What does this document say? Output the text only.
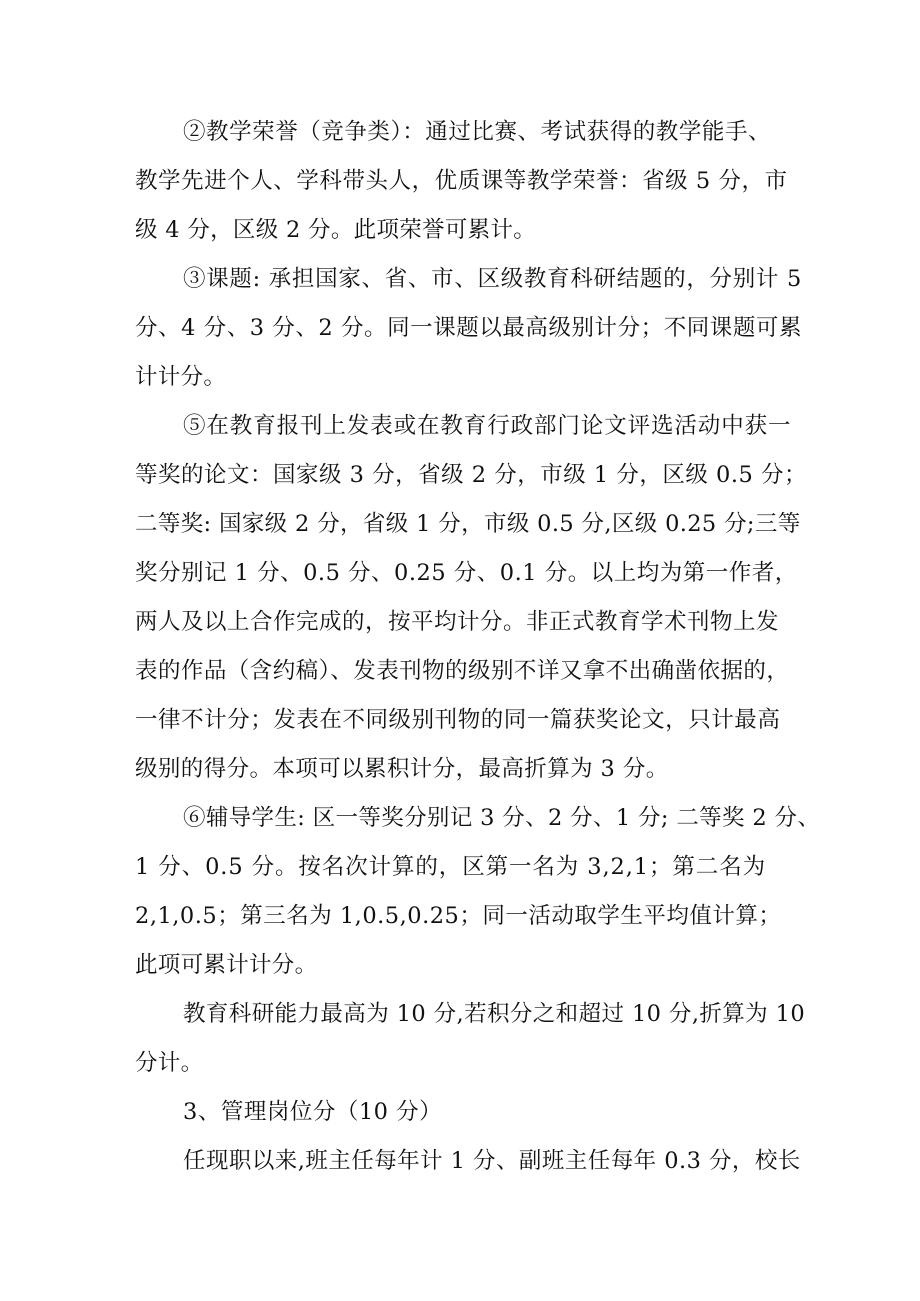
②教学荣誉（竞争类）：通过比赛、考试获得的教学能手、
教学先进个人、学科带头人，优质课等教学荣誉：省级 5 分，市
级 4 分，区级 2 分。此项荣誉可累计。
③课题: 承担国家、省、市、区级教育科研结题的，分别计 5
分、4 分、3 分、2 分。同一课题以最高级别计分；不同课题可累
计计分。
⑤在教育报刊上发表或在教育行政部门论文评选活动中获一
等奖的论文：国家级 3 分，省级 2 分，市级 1 分，区级 0.5 分；
二等奖: 国家级 2 分，省级 1 分，市级 0.5 分,区级 0.25 分;三等
奖分别记 1 分、0.5 分、0.25 分、0.1 分。以上均为第一作者，
两人及以上合作完成的，按平均计分。非正式教育学术刊物上发
表的作品（含约稿）、发表刊物的级别不详又拿不出确凿依据的，
一律不计分；发表在不同级别刊物的同一篇获奖论文，只计最高
级别的得分。本项可以累积计分，最高折算为 3 分。
⑥辅导学生: 区一等奖分别记 3 分、2 分、1 分; 二等奖 2 分、
1 分、0.5 分。按名次计算的，区第一名为 3,2,1；第二名为
2,1,0.5；第三名为 1,0.5,0.25；同一活动取学生平均值计算；
此项可累计计分。
教育科研能力最高为 10 分,若积分之和超过 10 分,折算为 10
分计。
3、管理岗位分（10 分）
任现职以来,班主任每年计 1 分、副班主任每年 0.3 分，校长
